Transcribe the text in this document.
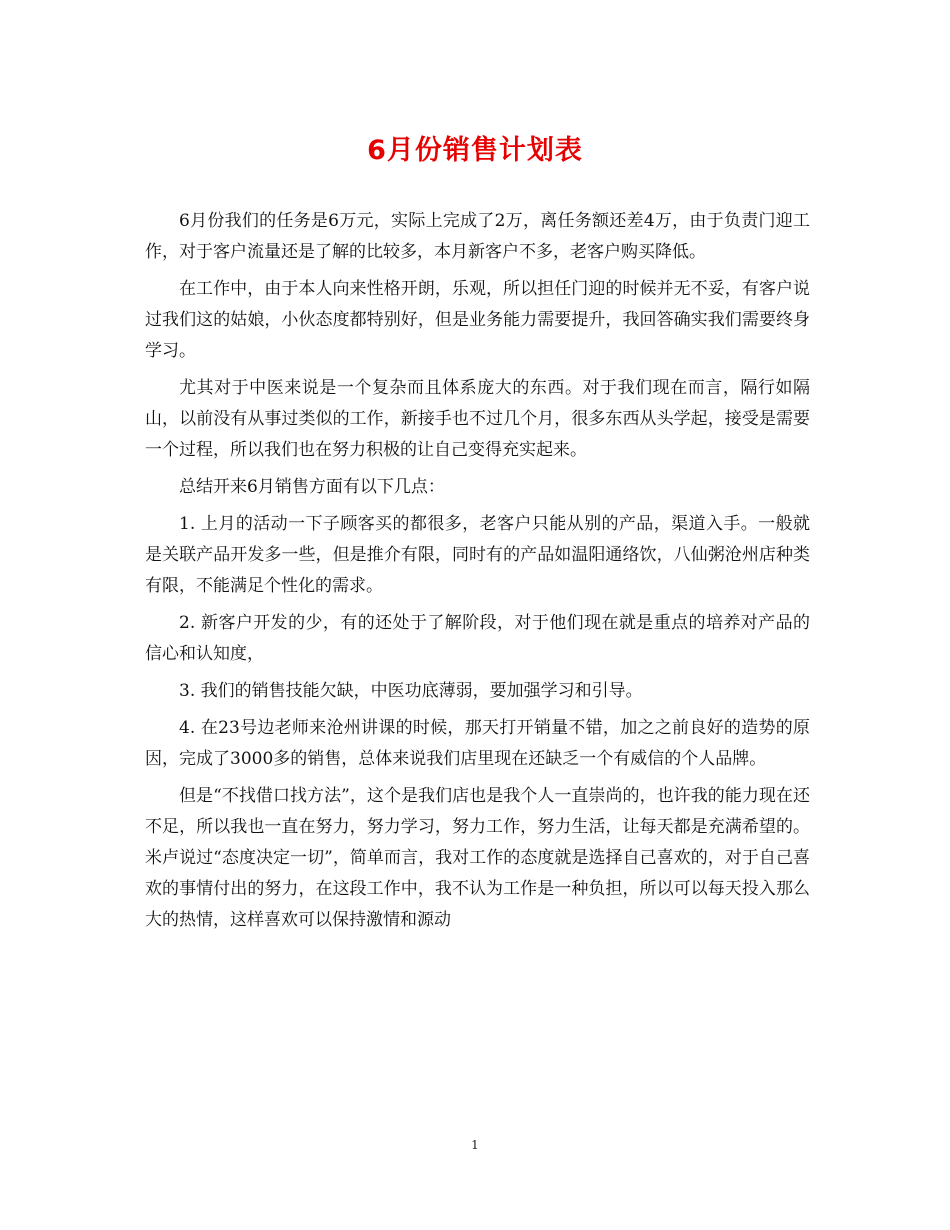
6月份销售计划表

6月份我们的任务是6万元，实际上完成了2万，离任务额还差4万，由于负责门迎工作，对于客户流量还是了解的比较多，本月新客户不多，老客户购买降低。

在工作中，由于本人向来性格开朗，乐观，所以担任门迎的时候并无不妥，有客户说过我们这的姑娘，小伙态度都特别好，但是业务能力需要提升，我回答确实我们需要终身学习。

尤其对于中医来说是一个复杂而且体系庞大的东西。对于我们现在而言，隔行如隔山，以前没有从事过类似的工作，新接手也不过几个月，很多东西从头学起，接受是需要一个过程，所以我们也在努力积极的让自己变得充实起来。

总结开来6月销售方面有以下几点：

1. 上月的活动一下子顾客买的都很多，老客户只能从别的产品，渠道入手。一般就是关联产品开发多一些，但是推介有限，同时有的产品如温阳通络饮，八仙粥沧州店种类有限，不能满足个性化的需求。

2. 新客户开发的少，有的还处于了解阶段，对于他们现在就是重点的培养对产品的信心和认知度，

3. 我们的销售技能欠缺，中医功底薄弱，要加强学习和引导。

4. 在23号边老师来沧州讲课的时候，那天打开销量不错，加之之前良好的造势的原因，完成了3000多的销售，总体来说我们店里现在还缺乏一个有威信的个人品牌。

但是“不找借口找方法”，这个是我们店也是我个人一直崇尚的，也许我的能力现在还不足，所以我也一直在努力，努力学习，努力工作，努力生活，让每天都是充满希望的。米卢说过“态度决定一切”，简单而言，我对工作的态度就是选择自己喜欢的，对于自己喜欢的事情付出的努力，在这段工作中，我不认为工作是一种负担，所以可以每天投入那么大的热情，这样喜欢可以保持激情和源动

1
